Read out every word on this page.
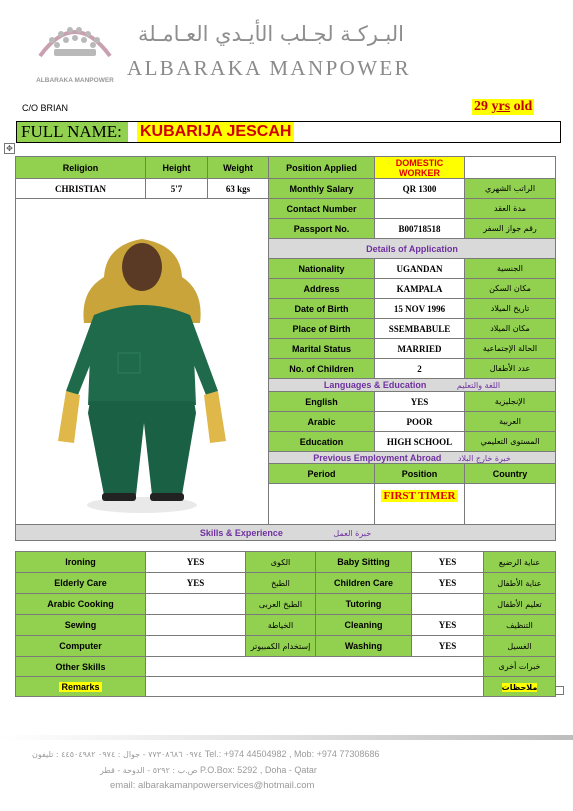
ALBARAKA MANPOWER
البـركـة لجـلب الأيـدي العـامـلة
ALBARAKA MANPOWER
C/O BRIAN	29 yrs old
FULL NAME:	KUBARIJA JESCAH
✥
Religion	Height	Weight	Position Applied	DOMESTIC WORKER	
CHRISTIAN	5'7	63 kgs	Monthly Salary	QR 1300	الراتب الشهري

	Contact Number		مدة العقد
			Passport No.	B00718518	رقم جواز السفر
			Details of Application		
			Nationality	UGANDAN	الجنسية
			Address	KAMPALA	مكان السكن
			Date of Birth	15 NOV 1996	تاريخ الميلاد
			Place of Birth	SSEMBABULE	مكان الميلاد
			Marital Status	MARRIED	الحالة الإجتماعية
			No. of Children	2	عدد الأطفال
			Languages & Education اللغة والتعليم		
			English	YES	الإنجليزية
			Arabic	POOR	العربية
			Education	HIGH SCHOOL	المستوى التعليمي
			Previous Employment Abroad خبرة خارج البلاد		
			Period	Position	Country
				FIRST TIMER	
Skills & Experience خبرة العمل					
Ironing	YES	الكوى	Baby Sitting	YES	عناية الرضيع
Elderly Care	YES	الطبخ	Children Care	YES	عناية الأطفال
Arabic Cooking		الطبخ العربى	Tutoring		تعليم الأطفال
Sewing		الخياطة	Cleaning	YES	التنظيف
Computer		إستخدام الكمبيوتر	Washing	YES	الغسيل
Other Skills					خبرات أخرى
Remarks					ملاحظات
٠٩٧٤ ٧٧٣٠٨٦٨٦ - جوال : ٠٩٧٤ ٤٤٥٠٤٩٨٢ : تليفون Tel.: +974 44504982 , Mob: +974 77308686
ص.ب : ٥٢٩٢ - الدوحة - قطر P.O.Box: 5292 , Doha - Qatar
email: albarakamanpowerservices@hotmail.com
